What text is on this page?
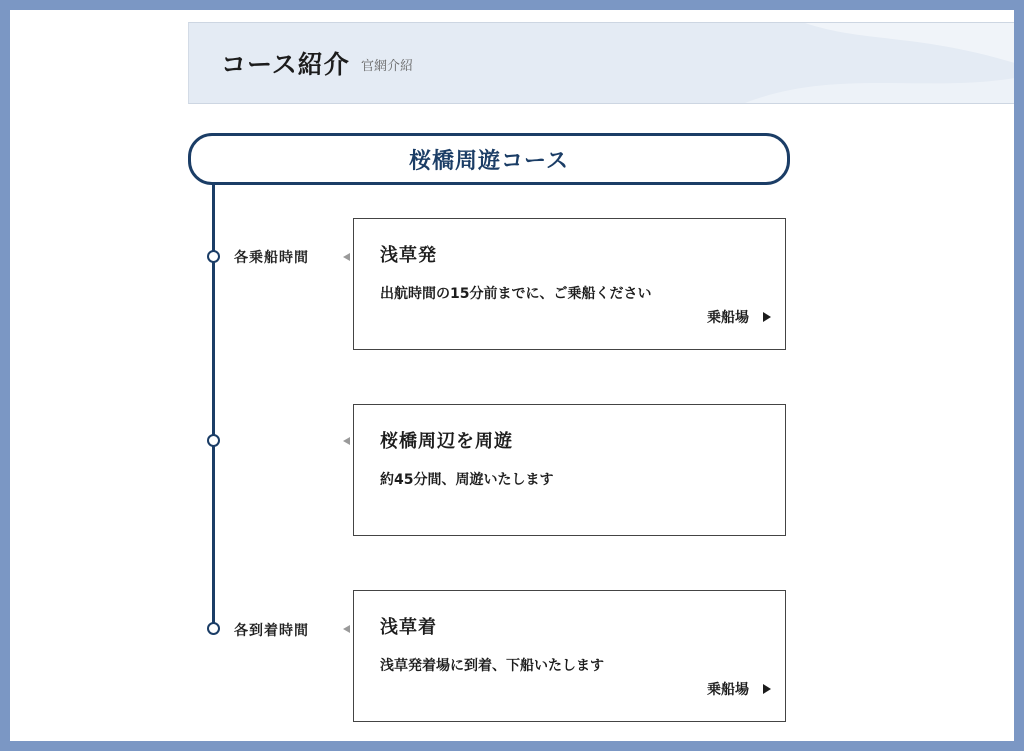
コース紹介 官網介紹
桜橋周遊コース
各乗船時間	浅草発
出航時間の15分前までに、ご乗船ください
乗船場
桜橋周辺を周遊
約45分間、周遊いたします
各到着時間	浅草着
浅草発着場に到着、下船いたします
乗船場
